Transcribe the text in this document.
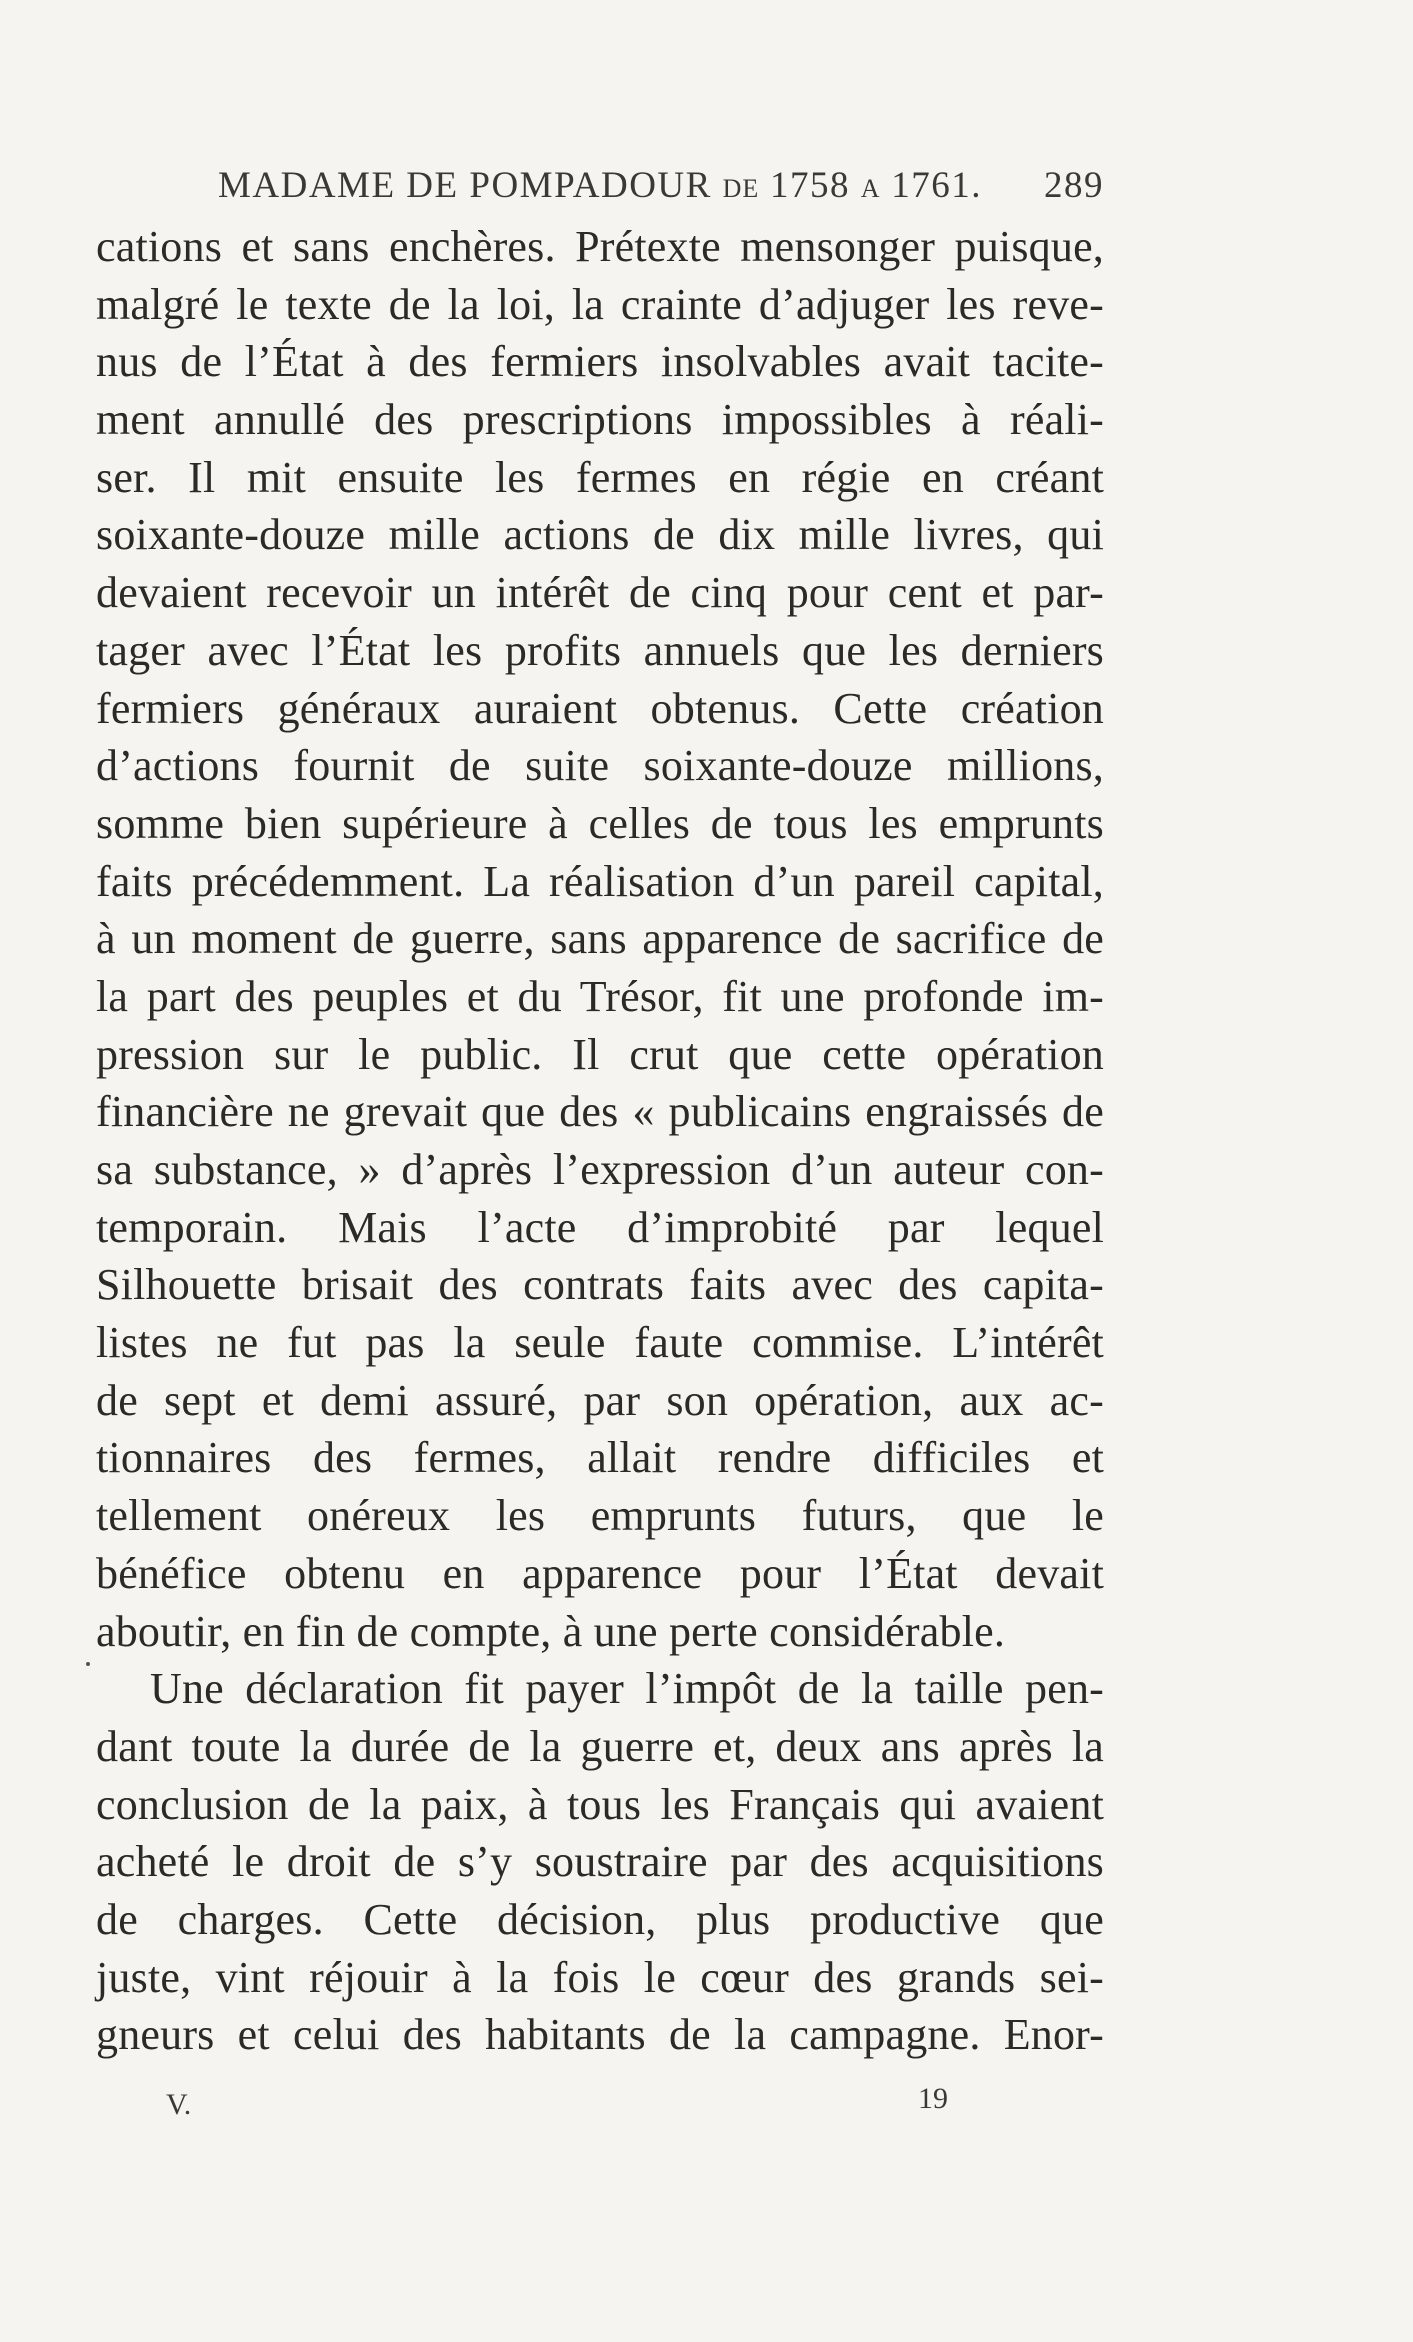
MADAME DE POMPADOUR DE 1758 A 1761. 289
cations et sans enchères. Prétexte mensonger puisque,
malgré le texte de la loi, la crainte d’adjuger les reve-
nus de l’État à des fermiers insolvables avait tacite-
ment annullé des prescriptions impossibles à réali-
ser. Il mit ensuite les fermes en régie en créant
soixante-douze mille actions de dix mille livres, qui
devaient recevoir un intérêt de cinq pour cent et par-
tager avec l’État les profits annuels que les derniers
fermiers généraux auraient obtenus. Cette création
d’actions fournit de suite soixante-douze millions,
somme bien supérieure à celles de tous les emprunts
faits précédemment. La réalisation d’un pareil capital,
à un moment de guerre, sans apparence de sacrifice de
la part des peuples et du Trésor, fit une profonde im-
pression sur le public. Il crut que cette opération
financière ne grevait que des « publicains engraissés de
sa substance, » d’après l’expression d’un auteur con-
temporain. Mais l’acte d’improbité par lequel
Silhouette brisait des contrats faits avec des capita-
listes ne fut pas la seule faute commise. L’intérêt
de sept et demi assuré, par son opération, aux ac-
tionnaires des fermes, allait rendre difficiles et
tellement onéreux les emprunts futurs, que le
bénéfice obtenu en apparence pour l’État devait
aboutir, en fin de compte, à une perte considérable.
Une déclaration fit payer l’impôt de la taille pen-
dant toute la durée de la guerre et, deux ans après la
conclusion de la paix, à tous les Français qui avaient
acheté le droit de s’y soustraire par des acquisitions
de charges. Cette décision, plus productive que
juste, vint réjouir à la fois le cœur des grands sei-
gneurs et celui des habitants de la campagne. Enor-
V.	19
